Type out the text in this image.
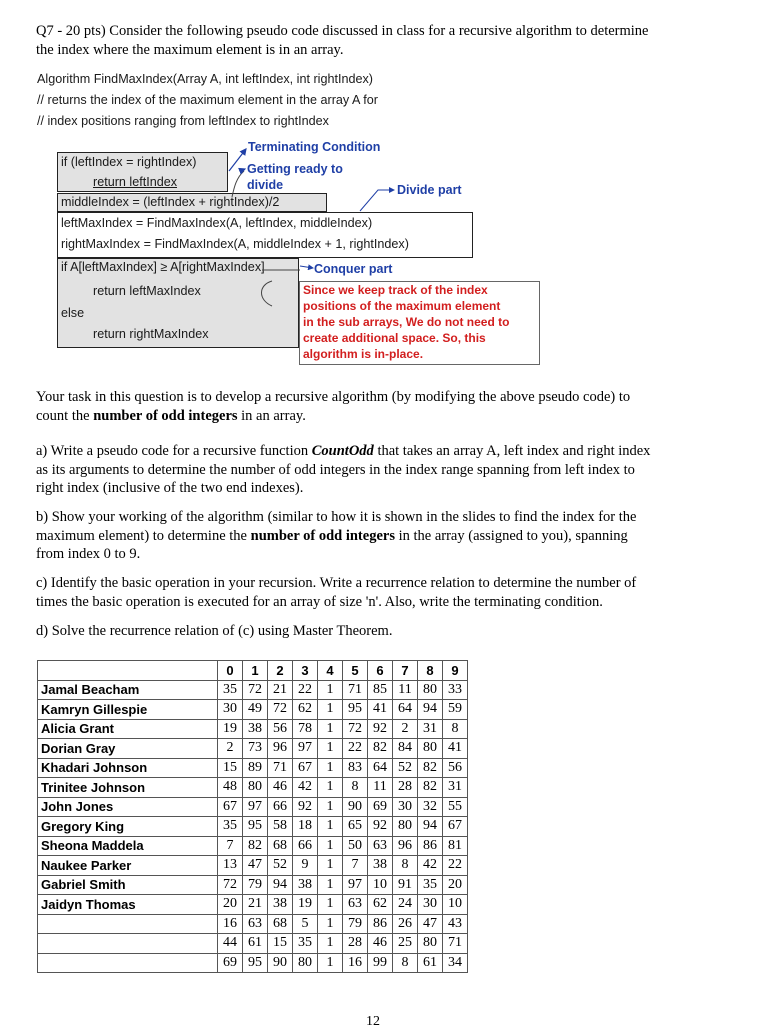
Q7 - 20 pts) Consider the following pseudo code discussed in class for a recursive algorithm to determine
the index where the maximum element is in an array.
Algorithm FindMaxIndex(Array A, int leftIndex, int rightIndex)
// returns the index of the maximum element in the array A for
// index positions ranging from leftIndex to rightIndex
if (leftIndex = rightIndex)
return leftIndex
middleIndex = (leftIndex + rightIndex)/2
leftMaxIndex = FindMaxIndex(A, leftIndex, middleIndex)
rightMaxIndex = FindMaxIndex(A, middleIndex + 1, rightIndex)
if A[leftMaxIndex] ≥ A[rightMaxIndex]
return leftMaxIndex
else
return rightMaxIndex
Since we keep track of the index
positions of the maximum element
in the sub arrays, We do not need to
create additional space. So, this
algorithm is in-place.
Terminating Condition
Getting ready to
divide	Divide part
Conquer part
Your task in this question is to develop a recursive algorithm (by modifying the above pseudo code) to
count the number of odd integers in an array.
a) Write a pseudo code for a recursive function CountOdd that takes an array A, left index and right index
as its arguments to determine the number of odd integers in the index range spanning from left index to
right index (inclusive of the two end indexes).
b) Show your working of the algorithm (similar to how it is shown in the slides to find the index for the
maximum element) to determine the number of odd integers in the array (assigned to you), spanning
from index 0 to 9.
c) Identify the basic operation in your recursion. Write a recurrence relation to determine the number of
times the basic operation is executed for an array of size 'n'. Also, write the terminating condition.
d) Solve the recurrence relation of (c) using Master Theorem.
	0	1	2	3	4	5	6	7	8	9
Jamal Beacham	35	72	21	22	1	71	85	11	80	33
Kamryn Gillespie	30	49	72	62	1	95	41	64	94	59
Alicia Grant	19	38	56	78	1	72	92	2	31	8
Dorian Gray	2	73	96	97	1	22	82	84	80	41
Khadari Johnson	15	89	71	67	1	83	64	52	82	56
Trinitee Johnson	48	80	46	42	1	8	11	28	82	31
John Jones	67	97	66	92	1	90	69	30	32	55
Gregory King	35	95	58	18	1	65	92	80	94	67
Sheona Maddela	7	82	68	66	1	50	63	96	86	81
Naukee Parker	13	47	52	9	1	7	38	8	42	22
Gabriel Smith	72	79	94	38	1	97	10	91	35	20
Jaidyn Thomas	20	21	38	19	1	63	62	24	30	10
	16	63	68	5	1	79	86	26	47	43
	44	61	15	35	1	28	46	25	80	71
	69	95	90	80	1	16	99	8	61	34
12
